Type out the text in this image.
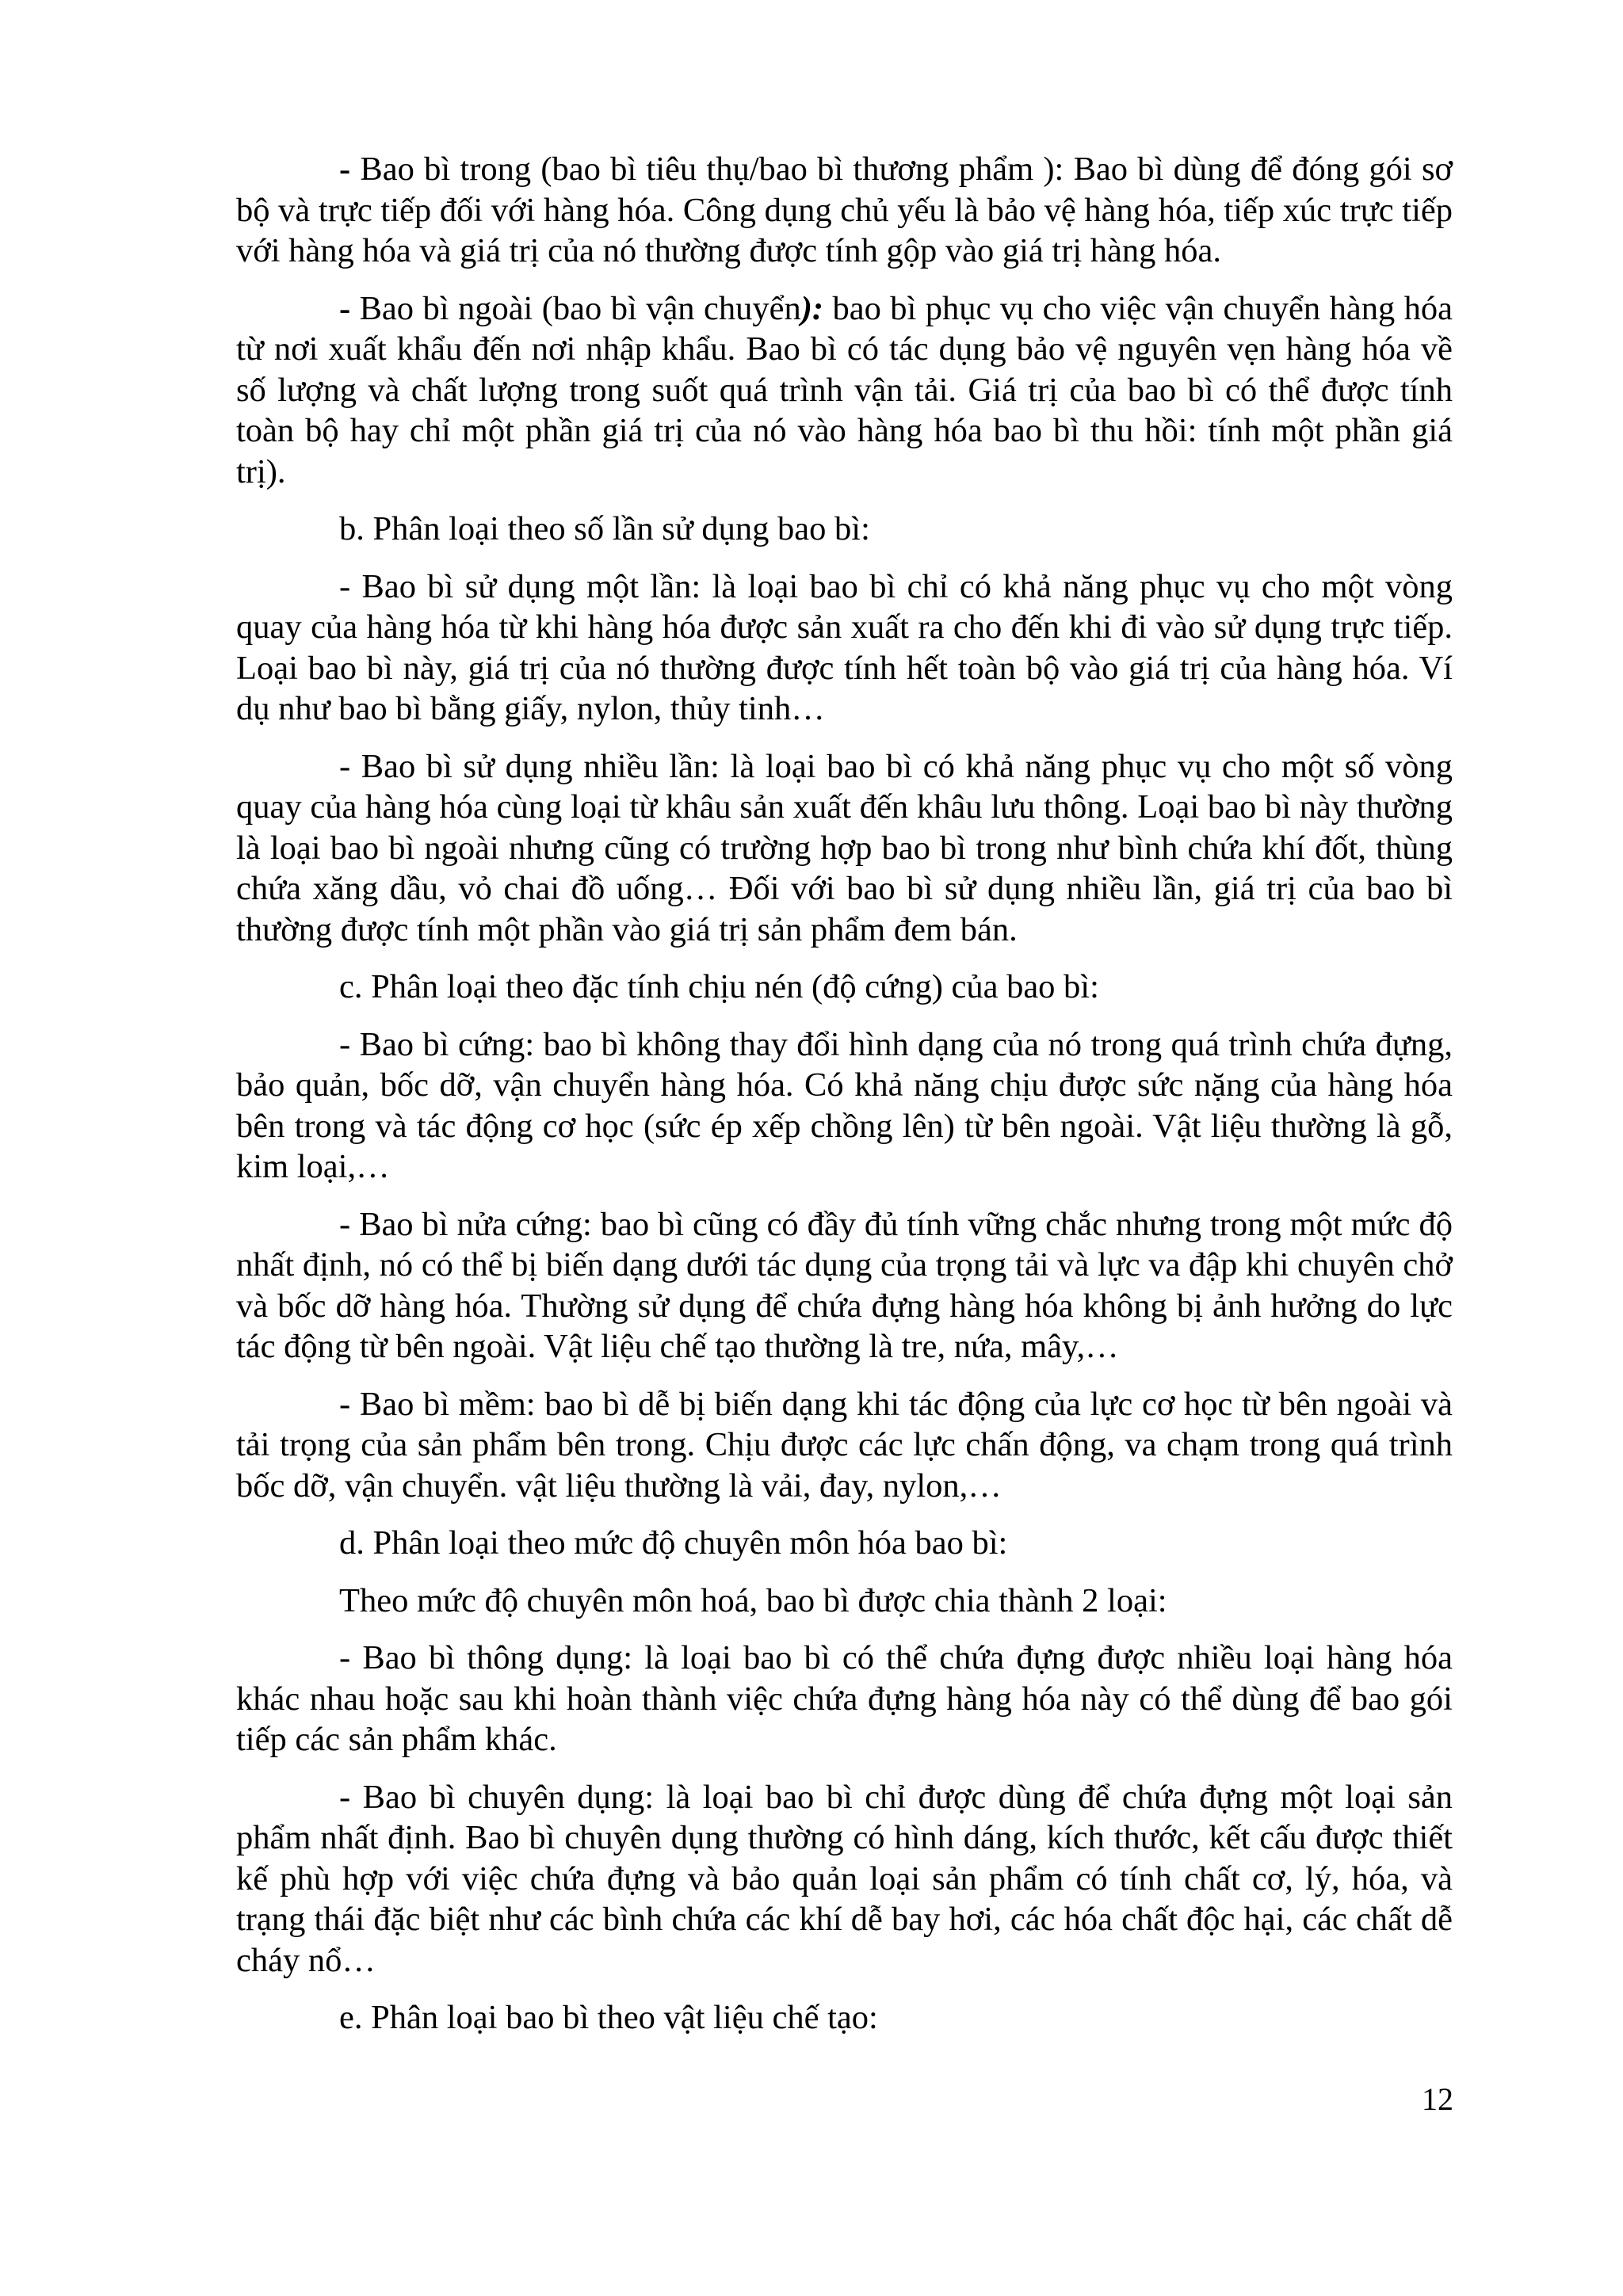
- Bao bì trong (bao bì tiêu thụ/bao bì thương phẩm ): Bao bì dùng để đóng gói sơ bộ và trực tiếp đối với hàng hóa. Công dụng chủ yếu là bảo vệ hàng hóa, tiếp xúc trực tiếp với hàng hóa và giá trị của nó thường được tính gộp vào giá trị hàng hóa.

- Bao bì ngoài (bao bì vận chuyển): bao bì phục vụ cho việc vận chuyển hàng hóa từ nơi xuất khẩu đến nơi nhập khẩu. Bao bì có tác dụng bảo vệ nguyên vẹn hàng hóa về số lượng và chất lượng trong suốt quá trình vận tải. Giá trị của bao bì có thể được tính toàn bộ hay chỉ một phần giá trị của nó vào hàng hóa bao bì thu hồi: tính một phần giá trị).

b. Phân loại theo số lần sử dụng bao bì:

- Bao bì sử dụng một lần: là loại bao bì chỉ có khả năng phục vụ cho một vòng quay của hàng hóa từ khi hàng hóa được sản xuất ra cho đến khi đi vào sử dụng trực tiếp. Loại bao bì này, giá trị của nó thường được tính hết toàn bộ vào giá trị của hàng hóa. Ví dụ như bao bì bằng giấy, nylon, thủy tinh…

- Bao bì sử dụng nhiều lần: là loại bao bì có khả năng phục vụ cho một số vòng quay của hàng hóa cùng loại từ khâu sản xuất đến khâu lưu thông. Loại bao bì này thường là loại bao bì ngoài nhưng cũng có trường hợp bao bì trong như bình chứa khí đốt, thùng chứa xăng dầu, vỏ chai đồ uống… Đối với bao bì sử dụng nhiều lần, giá trị của bao bì thường được tính một phần vào giá trị sản phẩm đem bán.

c. Phân loại theo đặc tính chịu nén (độ cứng) của bao bì:

- Bao bì cứng: bao bì không thay đổi hình dạng của nó trong quá trình chứa đựng, bảo quản, bốc dỡ, vận chuyển hàng hóa. Có khả năng chịu được sức nặng của hàng hóa bên trong và tác động cơ học (sức ép xếp chồng lên) từ bên ngoài. Vật liệu thường là gỗ, kim loại,…

- Bao bì nửa cứng: bao bì cũng có đầy đủ tính vững chắc nhưng trong một mức độ nhất định, nó có thể bị biến dạng dưới tác dụng của trọng tải và lực va đập khi chuyên chở và bốc dỡ hàng hóa. Thường sử dụng để chứa đựng hàng hóa không bị ảnh hưởng do lực tác động từ bên ngoài. Vật liệu chế tạo thường là tre, nứa, mây,…

- Bao bì mềm: bao bì dễ bị biến dạng khi tác động của lực cơ học từ bên ngoài và tải trọng của sản phẩm bên trong. Chịu được các lực chấn động, va chạm trong quá trình bốc dỡ, vận chuyển. vật liệu thường là vải, đay, nylon,…

d. Phân loại theo mức độ chuyên môn hóa bao bì:

Theo mức độ chuyên môn hoá, bao bì được chia thành 2 loại:

- Bao bì thông dụng: là loại bao bì có thể chứa đựng được nhiều loại hàng hóa khác nhau hoặc sau khi hoàn thành việc chứa đựng hàng hóa này có thể dùng để bao gói tiếp các sản phẩm khác.

- Bao bì chuyên dụng: là loại bao bì chỉ được dùng để chứa đựng một loại sản phẩm nhất định. Bao bì chuyên dụng thường có hình dáng, kích thước, kết cấu được thiết kế phù hợp với việc chứa đựng và bảo quản loại sản phẩm có tính chất cơ, lý, hóa, và trạng thái đặc biệt như các bình chứa các khí dễ bay hơi, các hóa chất độc hại, các chất dễ cháy nổ…

e. Phân loại bao bì theo vật liệu chế tạo:

12
